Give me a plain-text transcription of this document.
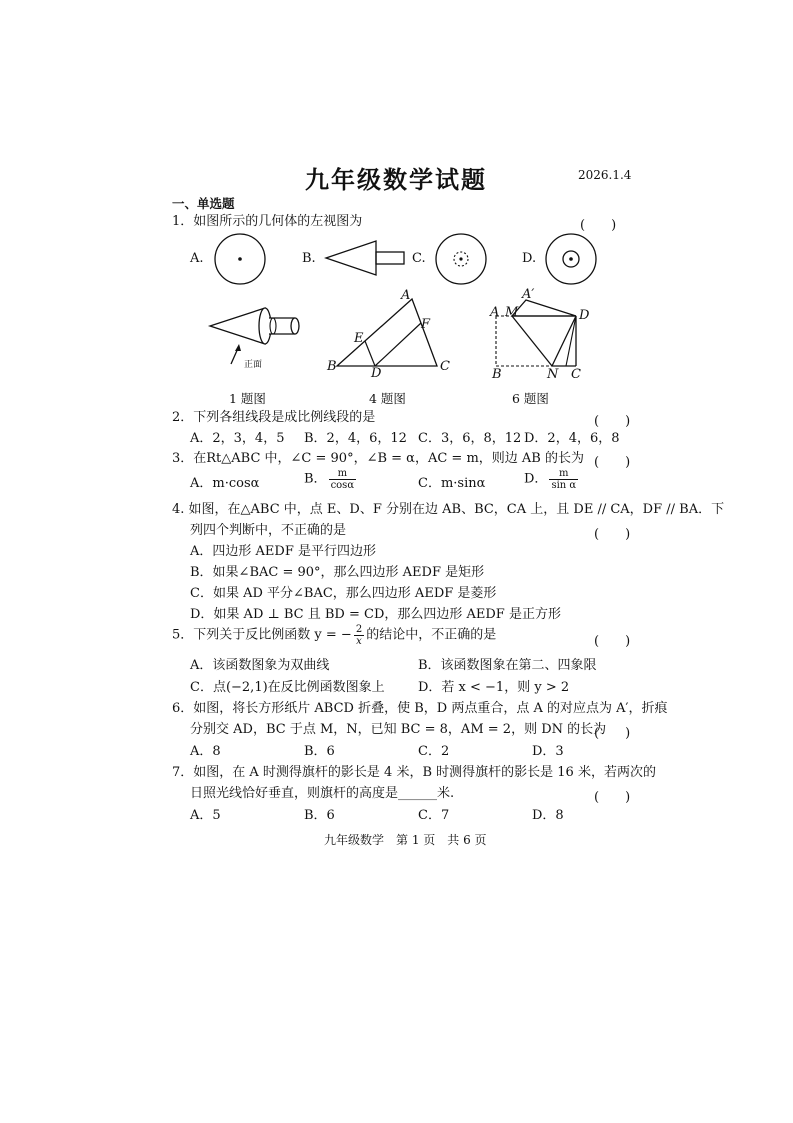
九年级数学试题	2026.1.4
一、单选题
1．如图所示的几何体的左视图为	(　　)
A.	B.	C.	D.
正面
1 题图
A
E
F
B	D	C
4 题图
A′
A M	D
B	N C
6 题图
2．下列各组线段是成比例线段的是	(　　)
A．2，3，4，5 B．2，4，6，12 C．3，6，8，12 D．2，4，6，8
3．在Rt△ABC 中，∠C = 90°，∠B = α，AC = m，则边 AB 的长为 (　　)
A．m·cosα	B． $\frac{m}{\cos\alpha}$	C．m·sinα	D． $\frac{m}{\text{sin α}}$
4. 如图，在△ABC 中，点 E、D、F 分别在边 AB、BC，CA 上，且 DE // CA，DF // BA．下
列四个判断中，不正确的是	(　　)
A．四边形 AEDF 是平行四边形
B．如果∠BAC = 90°，那么四边形 AEDF 是矩形
C．如果 AD 平分∠BAC，那么四边形 AEDF 是菱形
D．如果 AD ⊥ BC 且 BD = CD，那么四边形 AEDF 是正方形
5．下列关于反比例函数 y = − $\frac{2}{x}$ 的结论中，不正确的是	(　　)
A．该函数图象为双曲线	B．该函数图象在第二、四象限
C．点(−2,1)在反比例函数图象上	D．若 x < −1，则 y > 2
6．如图，将长方形纸片 ABCD 折叠，使 B，D 两点重合，点 A 的对应点为 A′，折痕
分别交 AD，BC 于点 M，N，已知 BC = 8，AM = 2，则 DN 的长为
(　　)
A．8	B．6	C．2	D．3
7．如图，在 A 时测得旗杆的影长是 4 米，B 时测得旗杆的影长是 16 米，若两次的
日照光线恰好垂直，则旗杆的高度是______米.	(　　)
A．5	B．6	C．7	D．8
九年级数学　第 1 页　共 6 页
